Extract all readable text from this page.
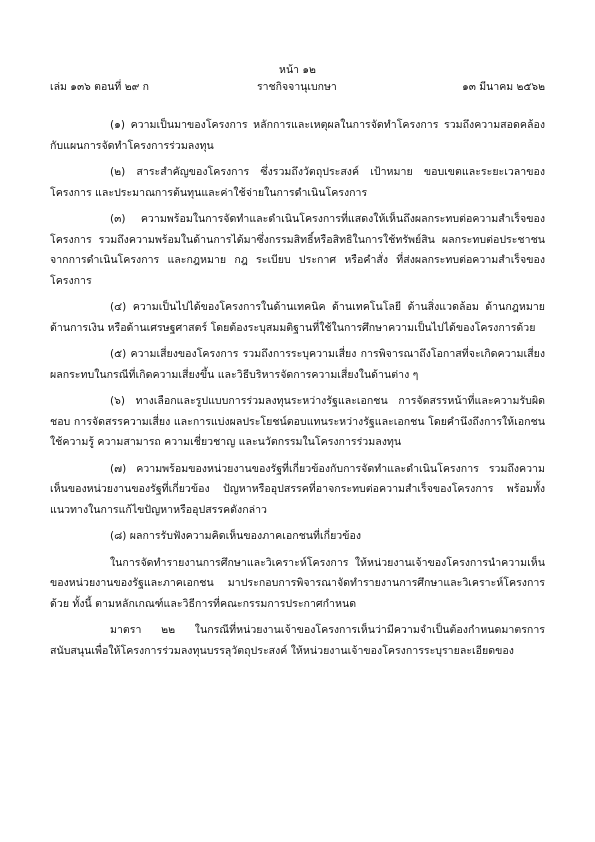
หน้า ๑๒
เล่ม ๑๓๖ ตอนที่ ๒๙ ก	ราชกิจจานุเบกษา	๑๓ มีนาคม ๒๕๖๒

(๑) ความเป็นมาของโครงการ หลักการและเหตุผลในการจัดทำโครงการ รวมถึงความสอดคล้องกับแผนการจัดทำโครงการร่วมลงทุน

(๒) สาระสำคัญของโครงการ ซึ่งรวมถึงวัตถุประสงค์ เป้าหมาย ขอบเขตและระยะเวลาของโครงการ และประมาณการต้นทุนและค่าใช้จ่ายในการดำเนินโครงการ

(๓) ความพร้อมในการจัดทำและดำเนินโครงการที่แสดงให้เห็นถึงผลกระทบต่อความสำเร็จของโครงการ รวมถึงความพร้อมในด้านการได้มาซึ่งกรรมสิทธิ์หรือสิทธิในการใช้ทรัพย์สิน ผลกระทบต่อประชาชนจากการดำเนินโครงการ และกฎหมาย กฎ ระเบียบ ประกาศ หรือคำสั่ง ที่ส่งผลกระทบต่อความสำเร็จของโครงการ

(๔) ความเป็นไปได้ของโครงการในด้านเทคนิค ด้านเทคโนโลยี ด้านสิ่งแวดล้อม ด้านกฎหมาย ด้านการเงิน หรือด้านเศรษฐศาสตร์ โดยต้องระบุสมมติฐานที่ใช้ในการศึกษาความเป็นไปได้ของโครงการด้วย

(๕) ความเสี่ยงของโครงการ รวมถึงการระบุความเสี่ยง การพิจารณาถึงโอกาสที่จะเกิดความเสี่ยง ผลกระทบในกรณีที่เกิดความเสี่ยงขึ้น และวิธีบริหารจัดการความเสี่ยงในด้านต่าง ๆ

(๖) ทางเลือกและรูปแบบการร่วมลงทุนระหว่างรัฐและเอกชน การจัดสรรหน้าที่และความรับผิดชอบ การจัดสรรความเสี่ยง และการแบ่งผลประโยชน์ตอบแทนระหว่างรัฐและเอกชน โดยคำนึงถึงการให้เอกชนใช้ความรู้ ความสามารถ ความเชี่ยวชาญ และนวัตกรรมในโครงการร่วมลงทุน

(๗) ความพร้อมของหน่วยงานของรัฐที่เกี่ยวข้องกับการจัดทำและดำเนินโครงการ รวมถึงความเห็นของหน่วยงานของรัฐที่เกี่ยวข้อง ปัญหาหรืออุปสรรคที่อาจกระทบต่อความสำเร็จของโครงการ พร้อมทั้งแนวทางในการแก้ไขปัญหาหรืออุปสรรคดังกล่าว

(๘) ผลการรับฟังความคิดเห็นของภาคเอกชนที่เกี่ยวข้อง

ในการจัดทำรายงานการศึกษาและวิเคราะห์โครงการ ให้หน่วยงานเจ้าของโครงการนำความเห็นของหน่วยงานของรัฐและภาคเอกชน มาประกอบการพิจารณาจัดทำรายงานการศึกษาและวิเคราะห์โครงการด้วย ทั้งนี้ ตามหลักเกณฑ์และวิธีการที่คณะกรรมการประกาศกำหนด

มาตรา ๒๒ ในกรณีที่หน่วยงานเจ้าของโครงการเห็นว่ามีความจำเป็นต้องกำหนดมาตรการสนับสนุนเพื่อให้โครงการร่วมลงทุนบรรลุวัตถุประสงค์ ให้หน่วยงานเจ้าของโครงการระบุรายละเอียดของ
